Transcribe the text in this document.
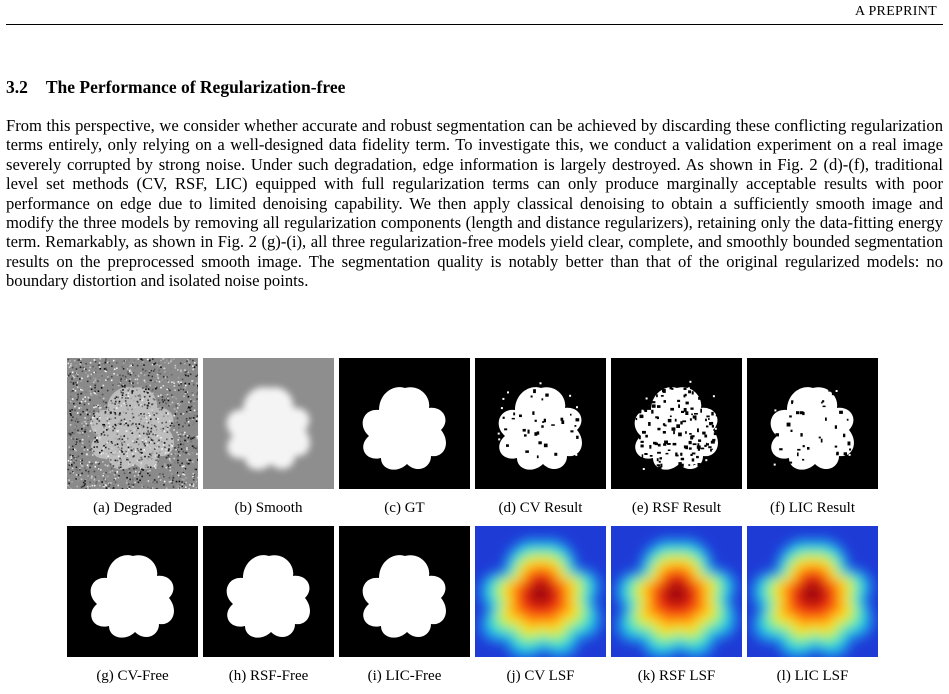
A PREPRINT
3.2 The Performance of Regularization-free
From this perspective, we consider whether accurate and robust segmentation can be achieved by discarding these conflicting regularization terms entirely, only relying on a well-designed data fidelity term. To investigate this, we conduct a validation experiment on a real image severely corrupted by strong noise. Under such degradation, edge information is largely destroyed. As shown in Fig. 2 (d)-(f), traditional level set methods (CV, RSF, LIC) equipped with full regularization terms can only produce marginally acceptable results with poor performance on edge due to limited denoising capability. We then apply classical denoising to obtain a sufficiently smooth image and modify the three models by removing all regularization components (length and distance regularizers), retaining only the data-fitting energy term. Remarkably, as shown in Fig. 2 (g)-(i), all three regularization-free models yield clear, complete, and smoothly bounded segmentation results on the preprocessed smooth image. The segmentation quality is notably better than that of the original regularized models: no boundary distortion and isolated noise points.
(a) Degraded	(b) Smooth	(c) GT	(d) CV Result	(e) RSF Result	(f) LIC Result
(g) CV-Free	(h) RSF-Free	(i) LIC-Free	(j) CV LSF	(k) RSF LSF	(l) LIC LSF
